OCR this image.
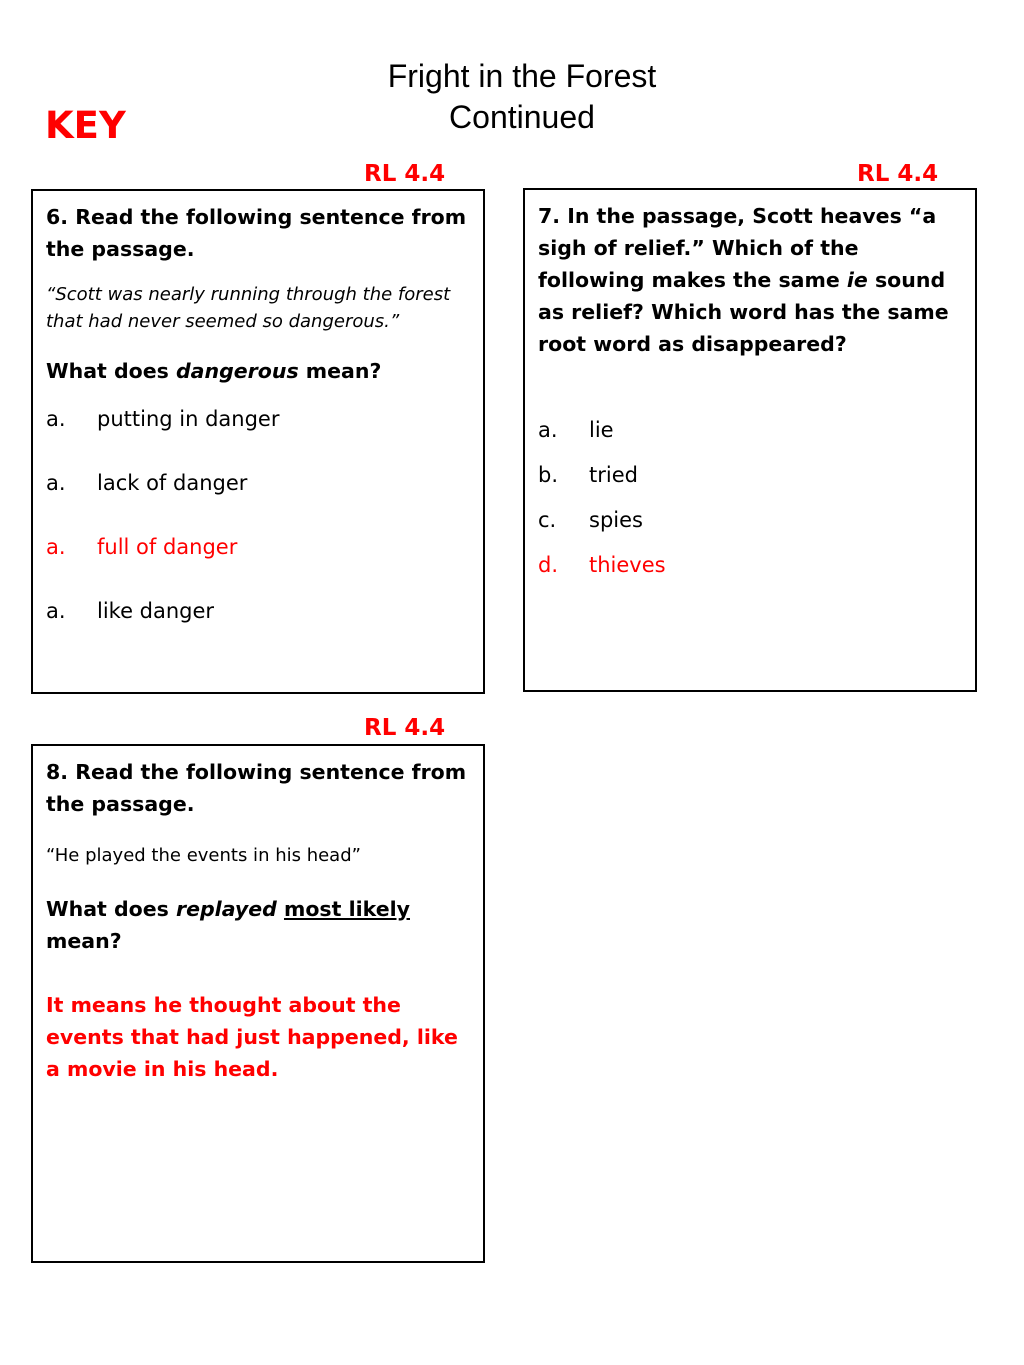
Fright in the Forest
Continued
KEY
RL 4.4	RL 4.4
RL 4.4

6. Read the following sentence from the passage.

“Scott was nearly running through the forest that had never seemed so dangerous.”

What does dangerous mean?

a.	putting in danger
a.	lack of danger
a.	full of danger
a.	like danger

7. In the passage, Scott heaves “a sigh of relief.” Which of the following makes the same ie sound as relief? Which word has the same root word as disappeared?

a.	lie
b.	tried
c.	spies
d.	thieves

8. Read the following sentence from the passage.

“He played the events in his head”

What does replayed most likely mean?

It means he thought about the events that had just happened, like a movie in his head.
